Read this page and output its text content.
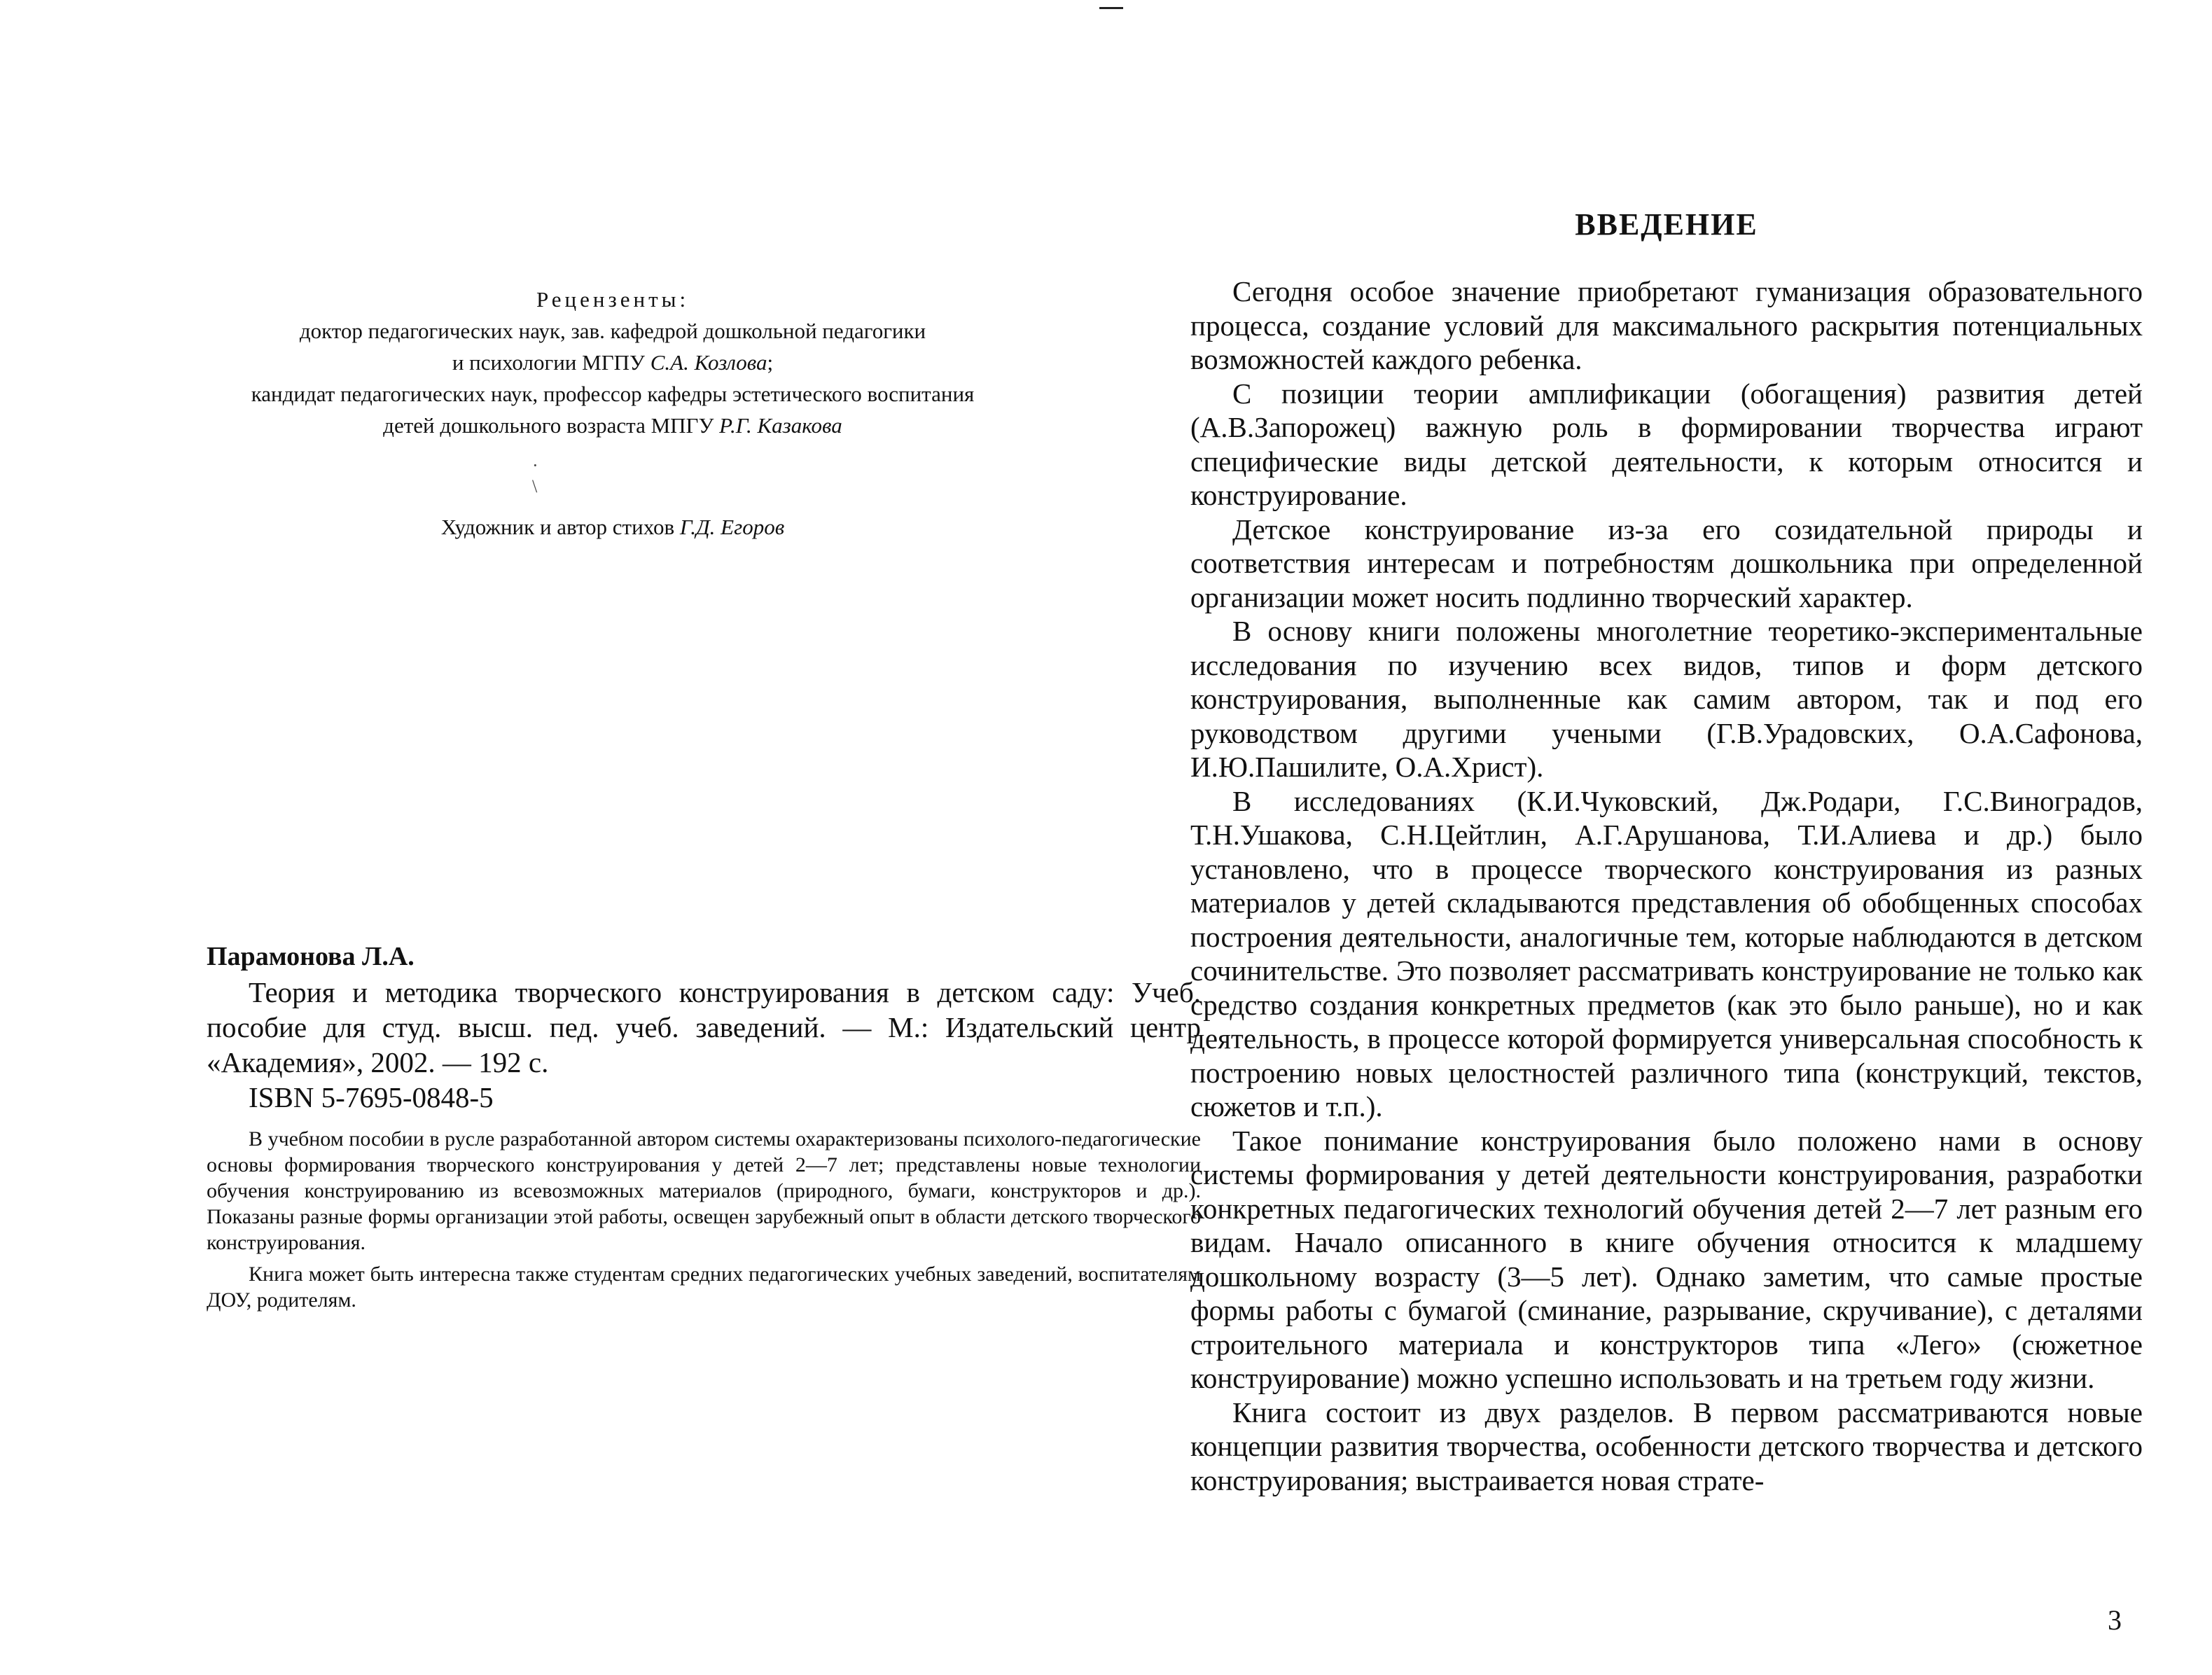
Рецензенты:
доктор педагогических наук, зав. кафедрой дошкольной педагогики
и психологии МГПУ С.А. Козлова;
кандидат педагогических наук, профессор кафедры эстетического воспитания
детей дошкольного возраста МПГУ Р.Г. Казакова
·
\
Художник и автор стихов Г.Д. Егоров
Парамонова Л.А.

Теория и методика творческого конструирования в детском саду: Учеб. пособие для студ. высш. пед. учеб. заведений. — М.: Издательский центр «Академия», 2002. — 192 с.

ISBN 5-7695-0848-5

В учебном пособии в русле разработанной автором системы охарактеризованы психолого-педагогические основы формирования творческого конструирования у детей 2—7 лет; представлены новые технологии обучения конструированию из всевозможных материалов (природного, бумаги, конструкторов и др.). Показаны разные формы организации этой работы, освещен зарубежный опыт в области детского творческого конструирования.

Книга может быть интересна также студентам средних педагогических учебных заведений, воспитателям ДОУ, родителям.

ВВЕДЕНИЕ

Сегодня особое значение приобретают гуманизация образовательного процесса, создание условий для максимального раскрытия потенциальных возможностей каждого ребенка.

С позиции теории амплификации (обогащения) развития детей (А.В.Запорожец) важную роль в формировании творчества играют специфические виды детской деятельности, к которым относится и конструирование.

Детское конструирование из-за его созидательной природы и соответствия интересам и потребностям дошкольника при определенной организации может носить подлинно творческий характер.

В основу книги положены многолетние теоретико-экспериментальные исследования по изучению всех видов, типов и форм детского конструирования, выполненные как самим автором, так и под его руководством другими учеными (Г.В.Урадовских, О.А.Сафонова, И.Ю.Пашилите, О.А.Христ).

В исследованиях (К.И.Чуковский, Дж.Родари, Г.С.Виноградов, Т.Н.Ушакова, С.Н.Цейтлин, А.Г.Арушанова, Т.И.Алиева и др.) было установлено, что в процессе творческого конструирования из разных материалов у детей складываются представления об обобщенных способах построения деятельности, аналогичные тем, которые наблюдаются в детском сочинительстве. Это позволяет рассматривать конструирование не только как средство создания конкретных предметов (как это было раньше), но и как деятельность, в процессе которой формируется универсальная способность к построению новых целостностей различного типа (конструкций, текстов, сюжетов и т.п.).

Такое понимание конструирования было положено нами в основу системы формирования у детей деятельности конструирования, разработки конкретных педагогических технологий обучения детей 2—7 лет разным его видам. Начало описанного в книге обучения относится к младшему дошкольному возрасту (3—5 лет). Однако заметим, что самые простые формы работы с бумагой (сминание, разрывание, скручивание), с деталями строительного материала и конструкторов типа «Лего» (сюжетное конструирование) можно успешно использовать и на третьем году жизни.

Книга состоит из двух разделов. В первом рассматриваются новые концепции развития творчества, особенности детского творчества и детского конструирования; выстраивается новая страте-

3
